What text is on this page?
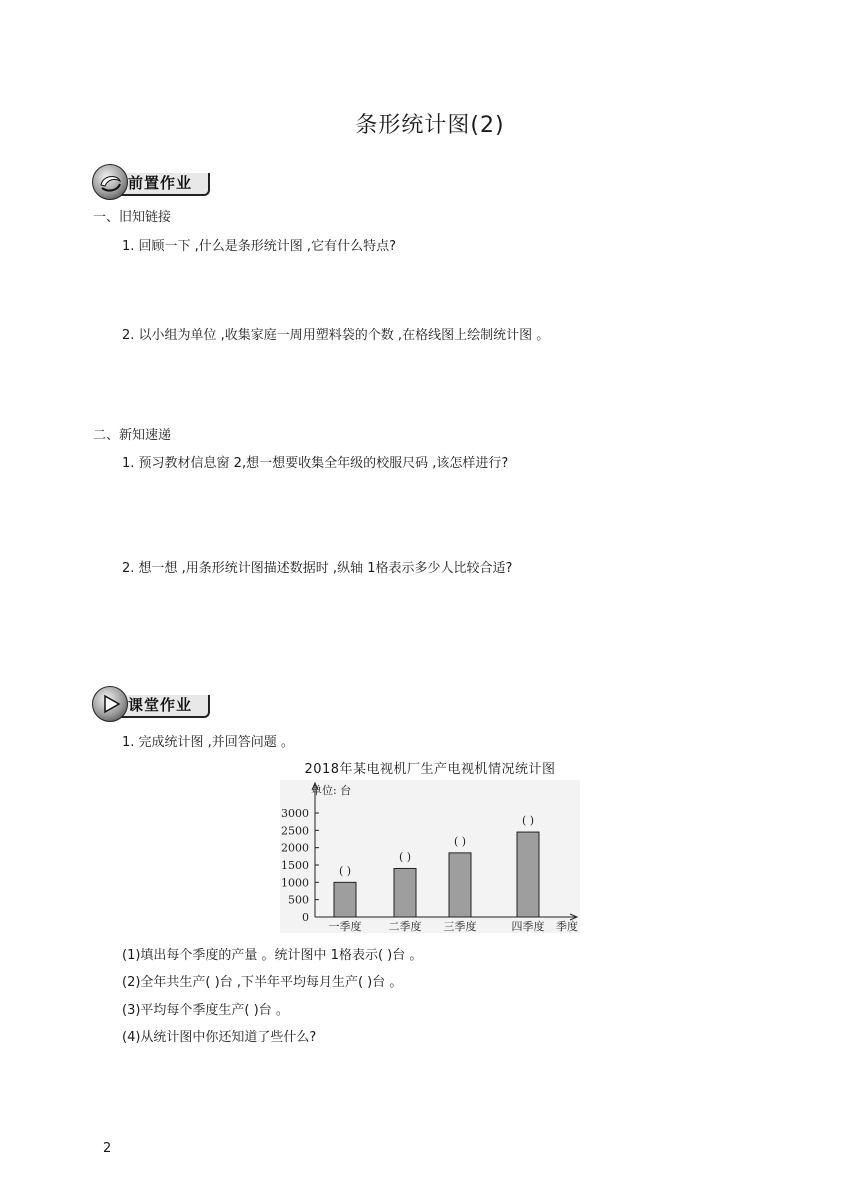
条形统计图(2)
前置作业
一、旧知链接
1. 回顾一下 ,什么是条形统计图 ,它有什么特点?
2. 以小组为单位 ,收集家庭一周用塑料袋的个数 ,在格线图上绘制统计图 。
二、新知速递
1. 预习教材信息窗 2,想一想要收集全年级的校服尺码 ,该怎样进行?
2. 想一想 ,用条形统计图描述数据时 ,纵轴 1格表示多少人比较合适?
课堂作业
1. 完成统计图 ,并回答问题 。
2018年某电视机厂生产电视机情况统计图
单位: 台
0
500
1000
1500
2000
2500
3000
( )
一季度
( )
二季度
( )
三季度
( )
四季度 季度
(1)填出每个季度的产量 。统计图中 1格表示( )台 。
(2)全年共生产( )台 ,下半年平均每月生产( )台 。
(3)平均每个季度生产( )台 。
(4)从统计图中你还知道了些什么?
2
